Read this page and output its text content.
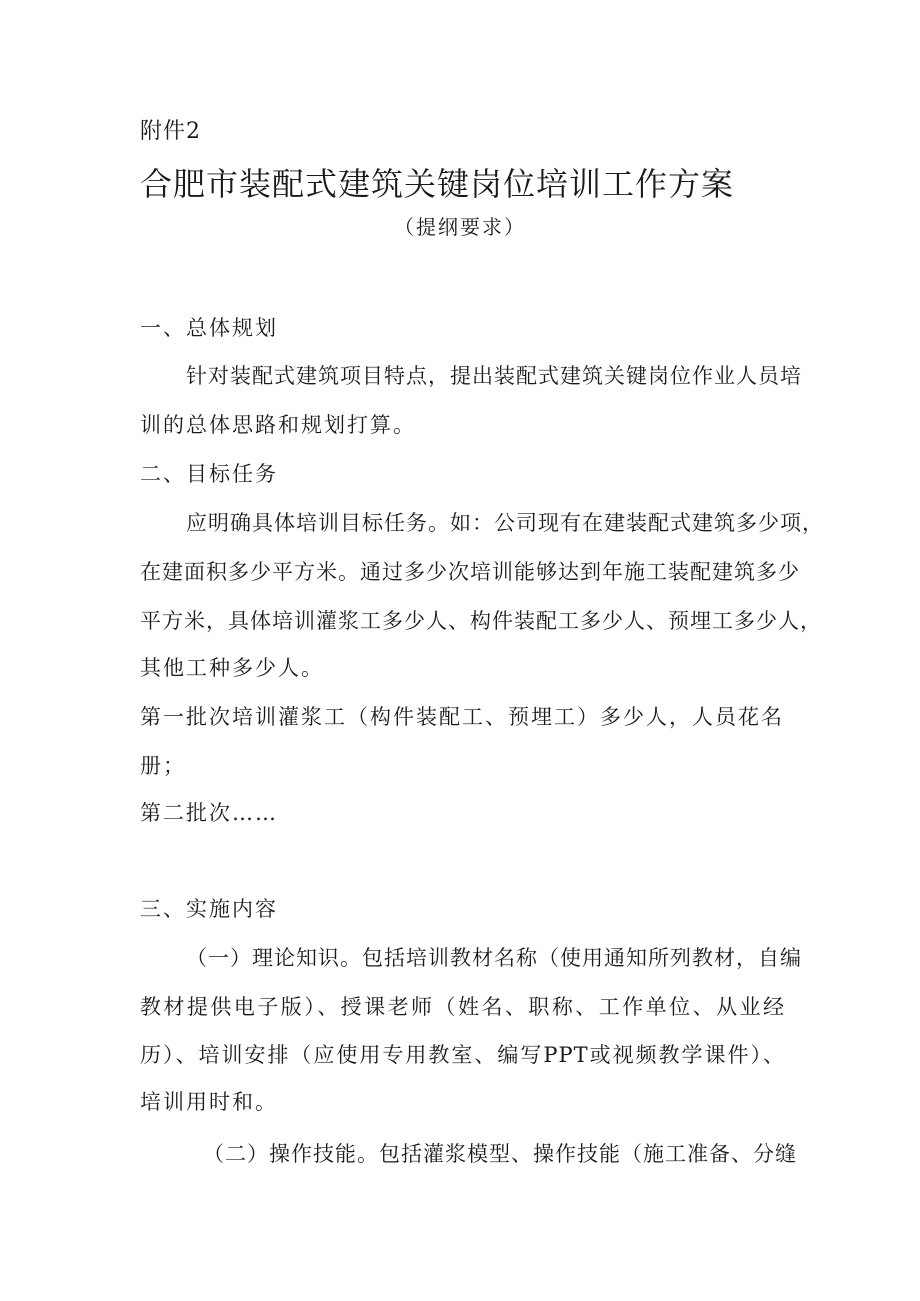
附件2
合肥市装配式建筑关键岗位培训工作方案
（提纲要求）
一、总体规划
针对装配式建筑项目特点，提出装配式建筑关键岗位作业人员培
训的总体思路和规划打算。
二、目标任务
应明确具体培训目标任务。如：公司现有在建装配式建筑多少项，
在建面积多少平方米。通过多少次培训能够达到年施工装配建筑多少
平方米，具体培训灌浆工多少人、构件装配工多少人、预埋工多少人，
其他工种多少人。
第一批次培训灌浆工（构件装配工、预埋工）多少人，人员花名
册；
第二批次……
三、实施内容
（一）理论知识。包括培训教材名称（使用通知所列教材，自编
教材提供电子版）、授课老师（姓名、职称、工作单位、从业经
历）、培训安排（应使用专用教室、编写PPT或视频教学课件）、
培训用时和。
（二）操作技能。包括灌浆模型、操作技能（施工准备、分缝
